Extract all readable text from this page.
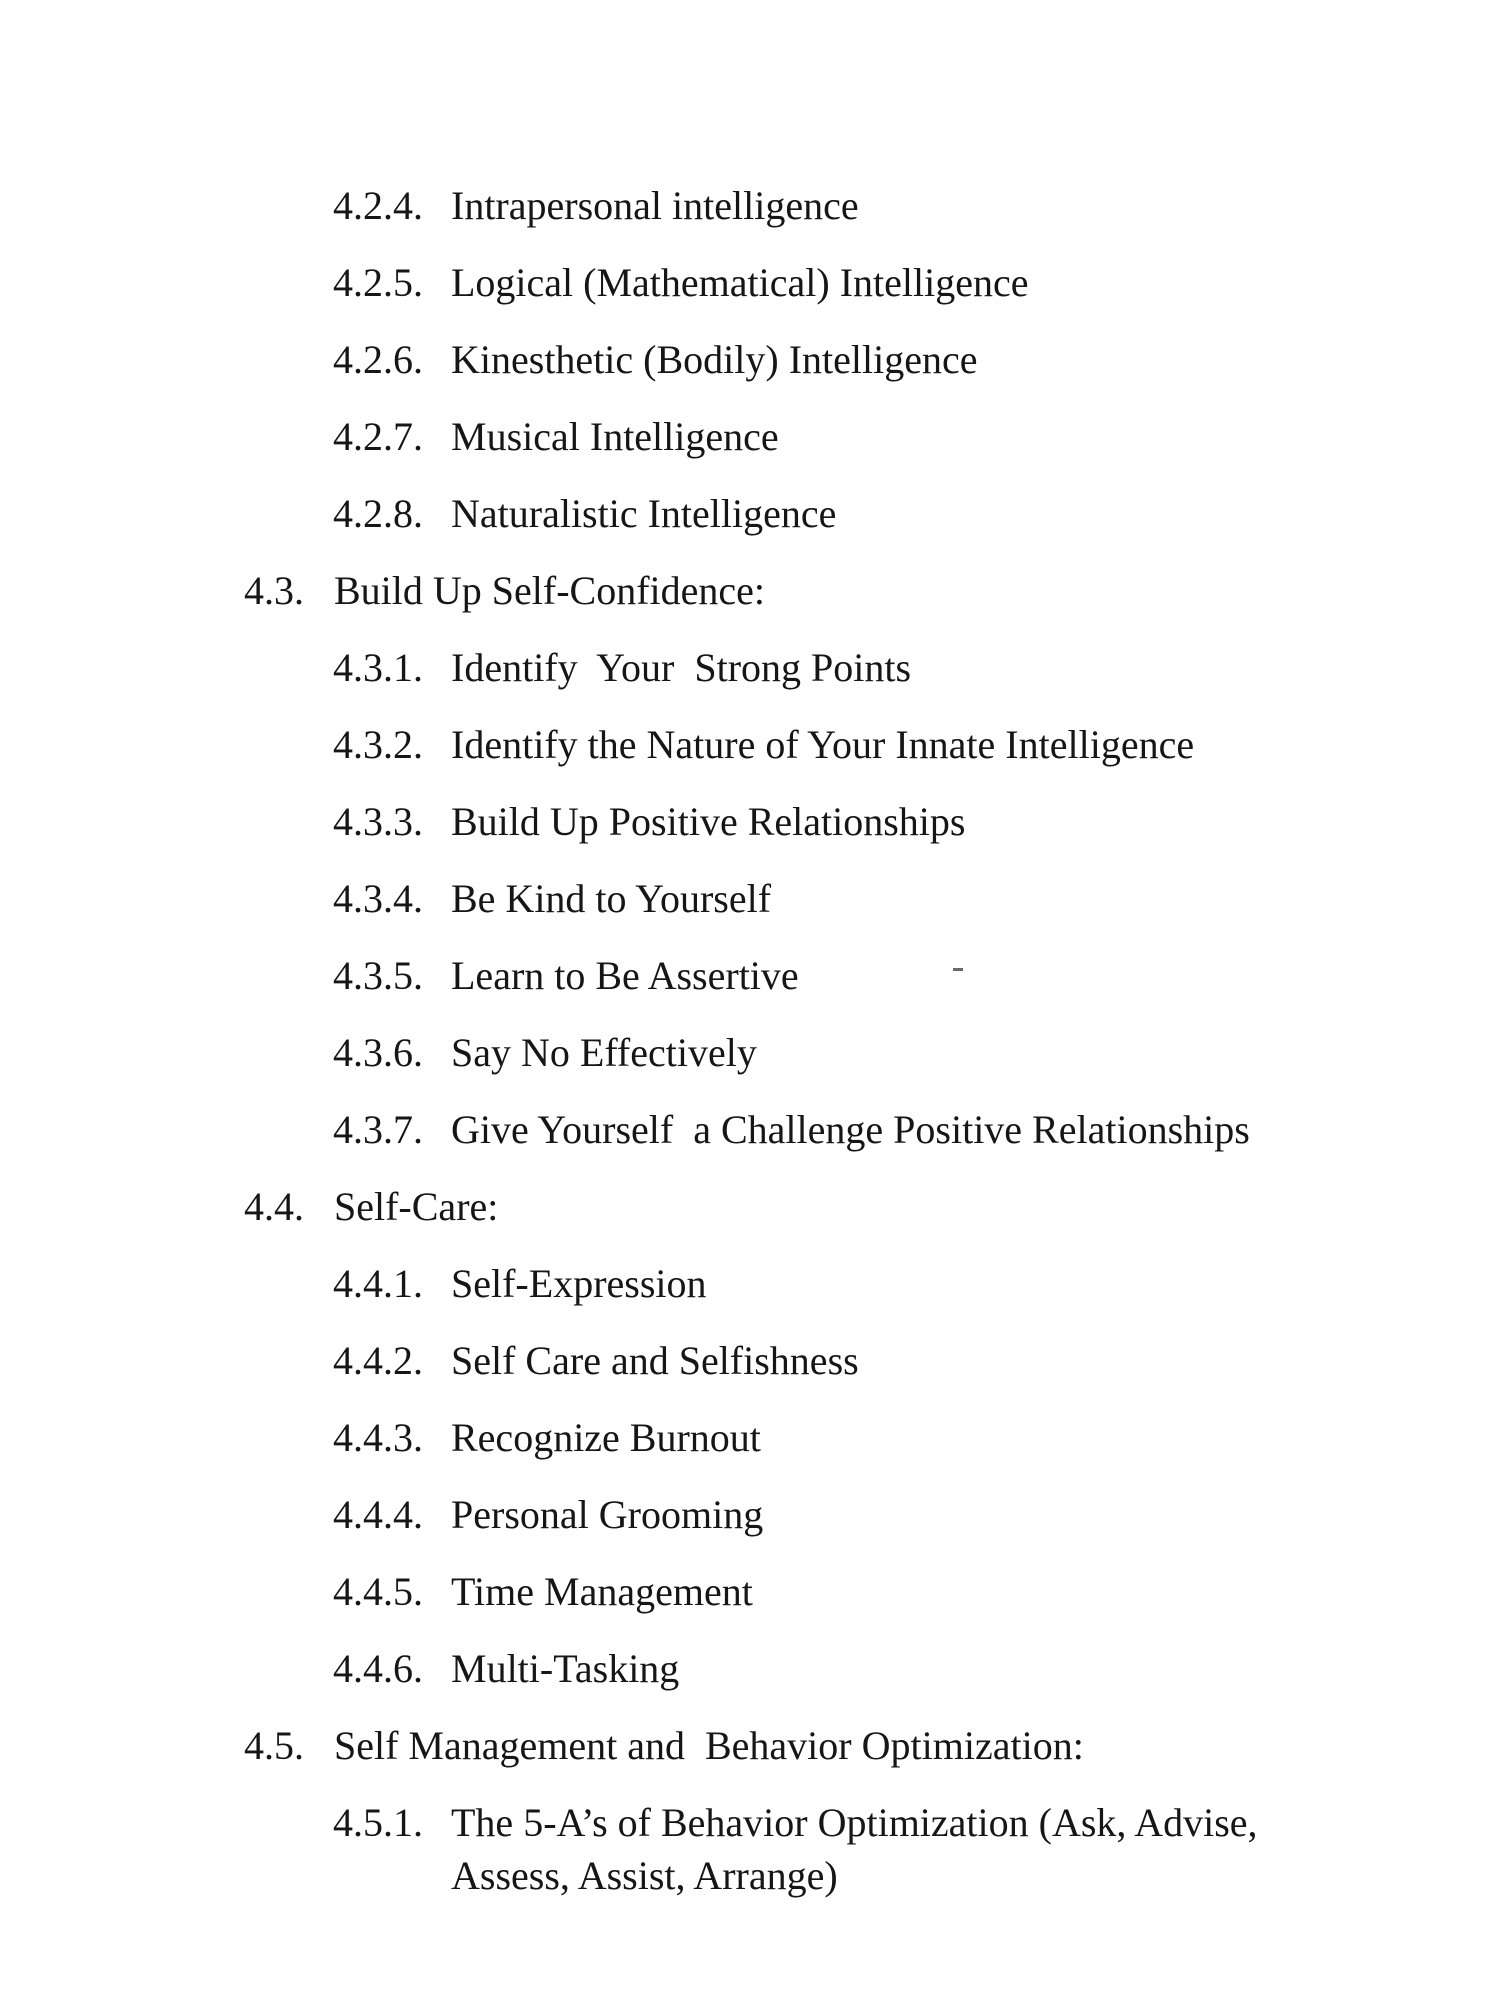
4.2.4. Intrapersonal intelligence
4.2.5. Logical (Mathematical) Intelligence
4.2.6. Kinesthetic (Bodily) Intelligence
4.2.7. Musical Intelligence
4.2.8. Naturalistic Intelligence
4.3. Build Up Self-Confidence:
4.3.1. Identify  Your  Strong Points
4.3.2. Identify the Nature of Your Innate Intelligence
4.3.3. Build Up Positive Relationships
4.3.4. Be Kind to Yourself
4.3.5. Learn to Be Assertive
4.3.6. Say No Effectively
4.3.7. Give Yourself  a Challenge Positive Relationships
4.4. Self-Care:
4.4.1. Self-Expression
4.4.2. Self Care and Selfishness
4.4.3. Recognize Burnout
4.4.4. Personal Grooming
4.4.5. Time Management
4.4.6. Multi-Tasking
4.5. Self Management and  Behavior Optimization:
4.5.1. The 5-A’s of Behavior Optimization (Ask, Advise,
Assess, Assist, Arrange)
